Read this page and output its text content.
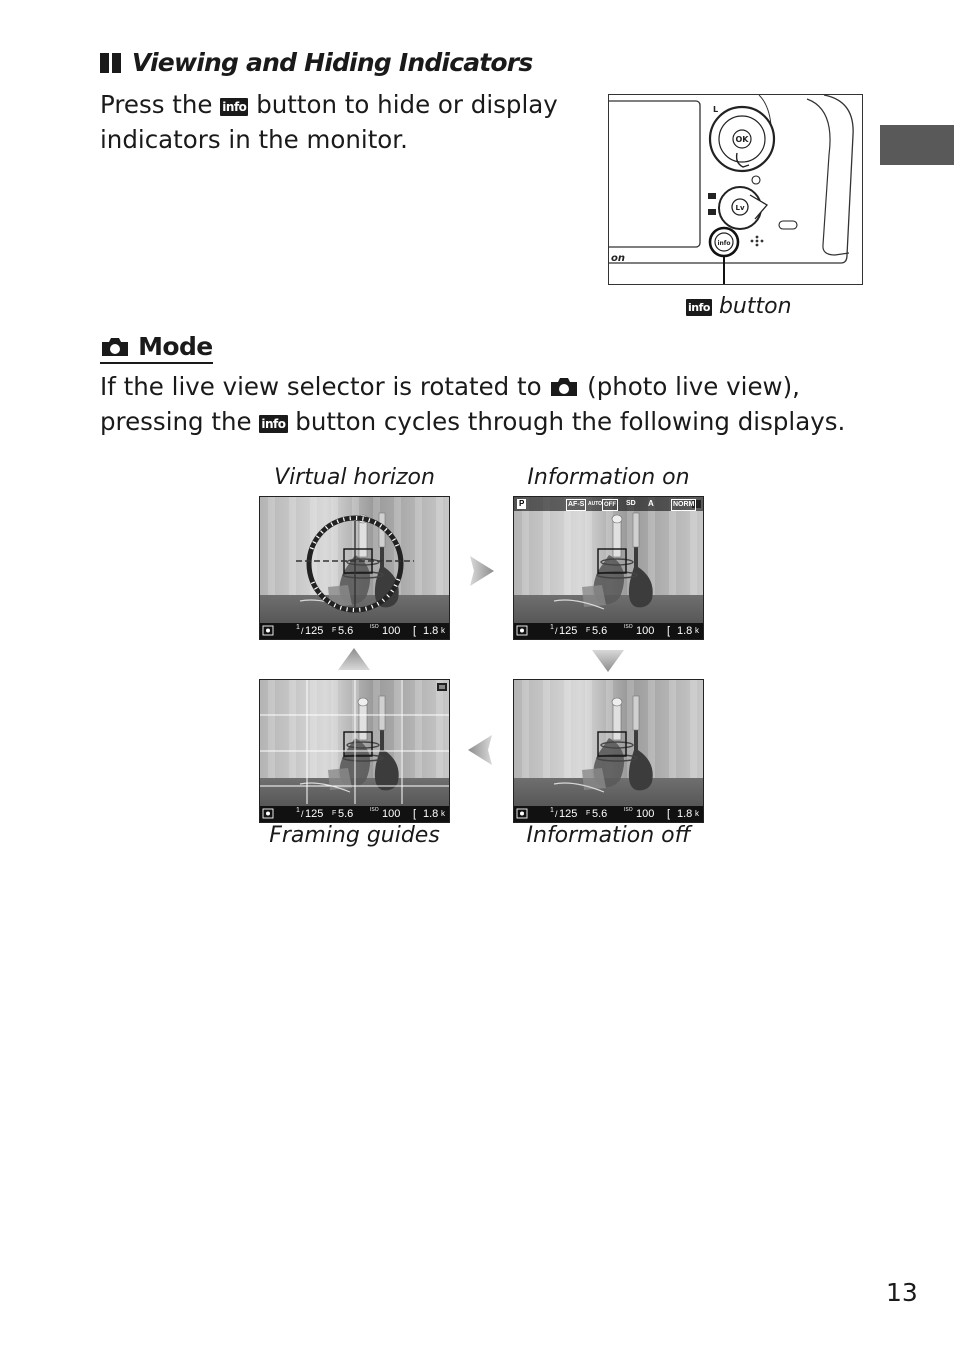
Viewing and Hiding Indicators
Press the info button to hide or display
indicators in the monitor.	OK
L
Lv
info
on
info button
Mode
If the live view selector is rotated to (photo live view),
pressing the info button cycles through the following displays.
Virtual horizon	Information on
Framing guides	Information off
1 / 125 F 5.6	ISO 100 [ 1.8 k	1 / 125 F 5.6	ISO 100 [ 1.8 k
P	AF-S AUTO OFF SD A	NORM
1 / 125 F 5.6	ISO 100 [ 1.8 k	1 / 125 F 5.6	ISO 100 [ 1.8 k
13
